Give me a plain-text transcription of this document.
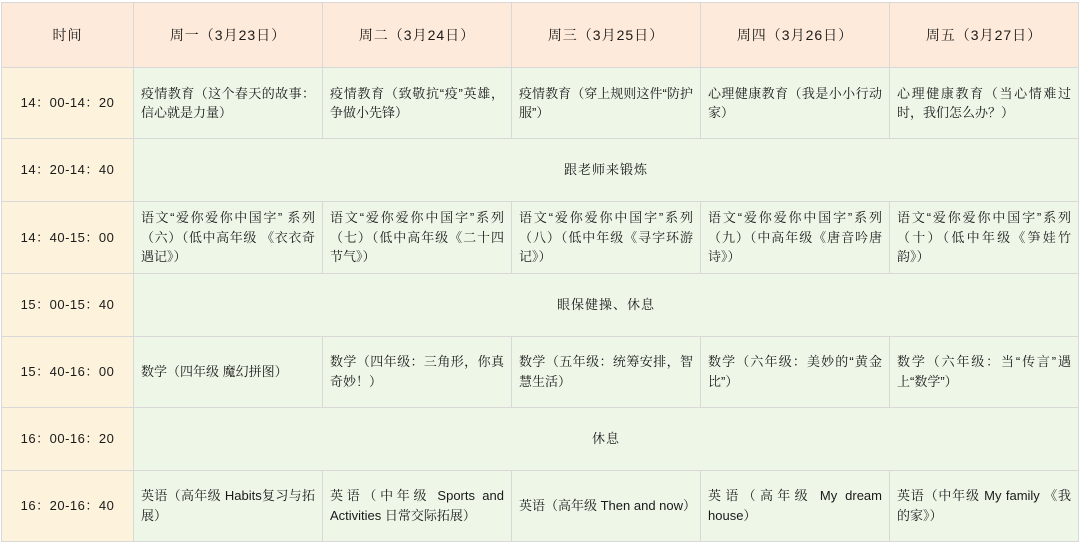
时间	周一（3月23日）	周二（3月24日）	周三（3月25日）	周四（3月26日）	周五（3月27日）
14：00-14：20	疫情教育（这个春天的故事：信心就是力量）	疫情教育（致敬抗“疫”英雄，争做小先锋）	疫情教育（穿上规则这件“防护服”）	心理健康教育（我是小小行动家）	心理健康教育（当心情难过时，我们怎么办？）
14：20-14：40	跟老师来锻炼				
14：40-15：00	语文“爱你爱你中国字” 系列（六）（低中高年级 《衣衣奇遇记》）	语文“爱你爱你中国字”系列（七）（低中高年级《二十四节气》）	语文“爱你爱你中国字”系列（八）（低中年级《寻字环游记》）	语文“爱你爱你中国字”系列（九）（中高年级《唐音吟唐诗》）	语文“爱你爱你中国字”系列（十）（低中年级《笋娃竹韵》）
15：00-15：40	眼保健操、休息				
15：40-16：00	数学（四年级 魔幻拼图）	数学（四年级：三角形，你真奇妙！）	数学（五年级：统筹安排，智慧生活）	数学（六年级：美妙的“黄金比”）	数学（六年级：当“传言”遇上“数学”）
16：00-16：20	休息				
16：20-16：40	英语（高年级 Habits复习与拓展）	英语（中年级 Sports and Activities 日常交际拓展）	英语（高年级 Then and now）	英语（高年级 My dream house）	英语（中年级 My family 《我的家》）
